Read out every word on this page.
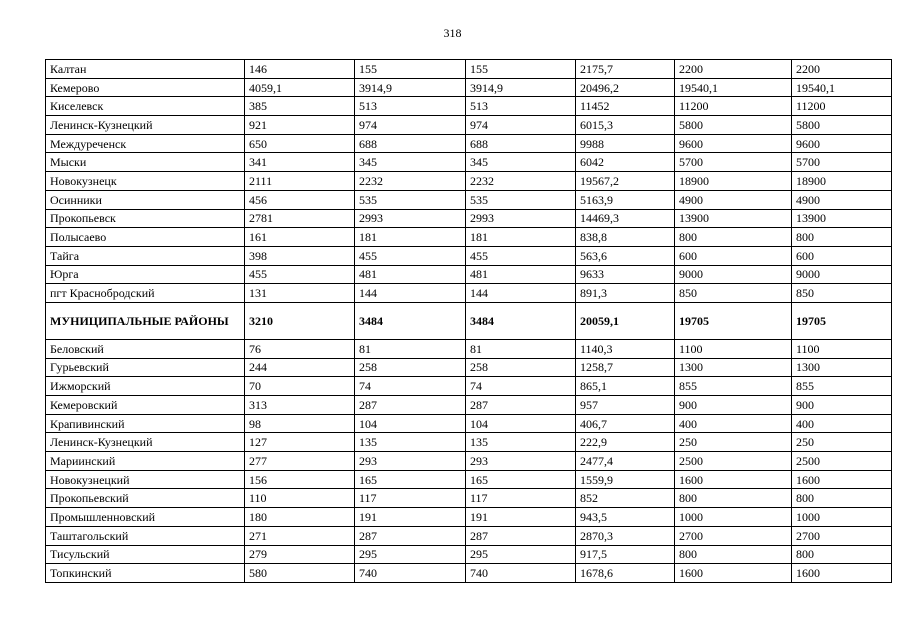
318
Калтан	146	155	155	2175,7	2200	2200
Кемерово	4059,1	3914,9	3914,9	20496,2	19540,1	19540,1
Киселевск	385	513	513	11452	11200	11200
Ленинск-Кузнецкий	921	974	974	6015,3	5800	5800
Междуреченск	650	688	688	9988	9600	9600
Мыски	341	345	345	6042	5700	5700
Новокузнецк	2111	2232	2232	19567,2	18900	18900
Осинники	456	535	535	5163,9	4900	4900
Прокопьевск	2781	2993	2993	14469,3	13900	13900
Полысаево	161	181	181	838,8	800	800
Тайга	398	455	455	563,6	600	600
Юрга	455	481	481	9633	9000	9000
пгт Краснобродский	131	144	144	891,3	850	850
МУНИЦИПАЛЬНЫЕ РАЙОНЫ	3210	3484	3484	20059,1	19705	19705
Беловский	76	81	81	1140,3	1100	1100
Гурьевский	244	258	258	1258,7	1300	1300
Ижморский	70	74	74	865,1	855	855
Кемеровский	313	287	287	957	900	900
Крапивинский	98	104	104	406,7	400	400
Ленинск-Кузнецкий	127	135	135	222,9	250	250
Мариинский	277	293	293	2477,4	2500	2500
Новокузнецкий	156	165	165	1559,9	1600	1600
Прокопьевский	110	117	117	852	800	800
Промышленновский	180	191	191	943,5	1000	1000
Таштагольский	271	287	287	2870,3	2700	2700
Тисульский	279	295	295	917,5	800	800
Топкинский	580	740	740	1678,6	1600	1600
